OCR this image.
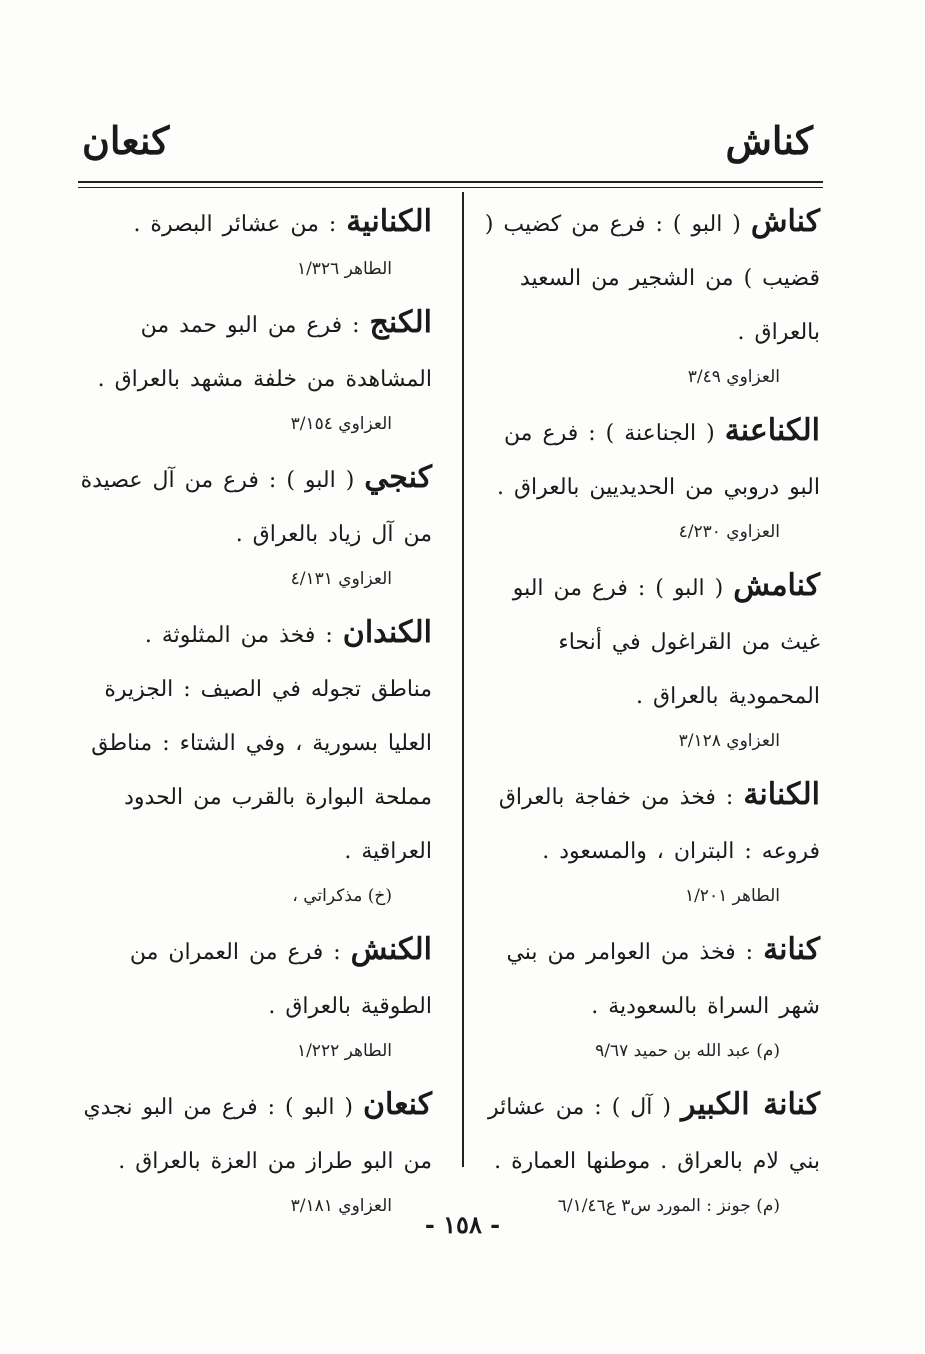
كناش
كنعان
كناش ( البو ) : فرع من كضيب ( قضيب ) من الشجير من السعيد بالعراق .
العزاوي ٣/٤٩
الكناعنة ( الجناعنة ) : فرع من البو دروبي من الحديديين بالعراق .
العزاوي ٤/٢٣٠
كنامش ( البو ) : فرع من البو غيث من القراغول في أنحاء المحمودية بالعراق .
العزاوي ٣/١٢٨
الكنانة : فخذ من خفاجة بالعراق فروعه : البتران ، والمسعود .
الطاهر ١/٢٠١
كنانة : فخذ من العوامر من بني شهر السراة بالسعودية .
(م) عبد الله بن حميد ٩/٦٧
كنانة الكبير ( آل ) : من عشائر بني لام بالعراق . موطنها العمارة .
(م) جونز : المورد س٣ ع٦/١/٤٦
الكنانية : من عشائر البصرة .
الطاهر ١/٣٢٦
الكنج : فرع من البو حمد من المشاهدة من خلفة مشهد بالعراق .
العزاوي ٣/١٥٤
كنجي ( البو ) : فرع من آل عصيدة من آل زياد بالعراق .
العزاوي ٤/١٣١
الكندان : فخذ من المثلوثة . مناطق تجوله في الصيف : الجزيرة العليا بسورية ، وفي الشتاء : مناطق مملحة البوارة بالقرب من الحدود العراقية .
(خ) مذكراتي ،
الكنش : فرع من العمران من الطوقية بالعراق .
الطاهر ١/٢٢٢
كنعان ( البو ) : فرع من البو نجدي من البو طراز من العزة بالعراق .
العزاوي ٣/١٨١
- ١٥٨ -
